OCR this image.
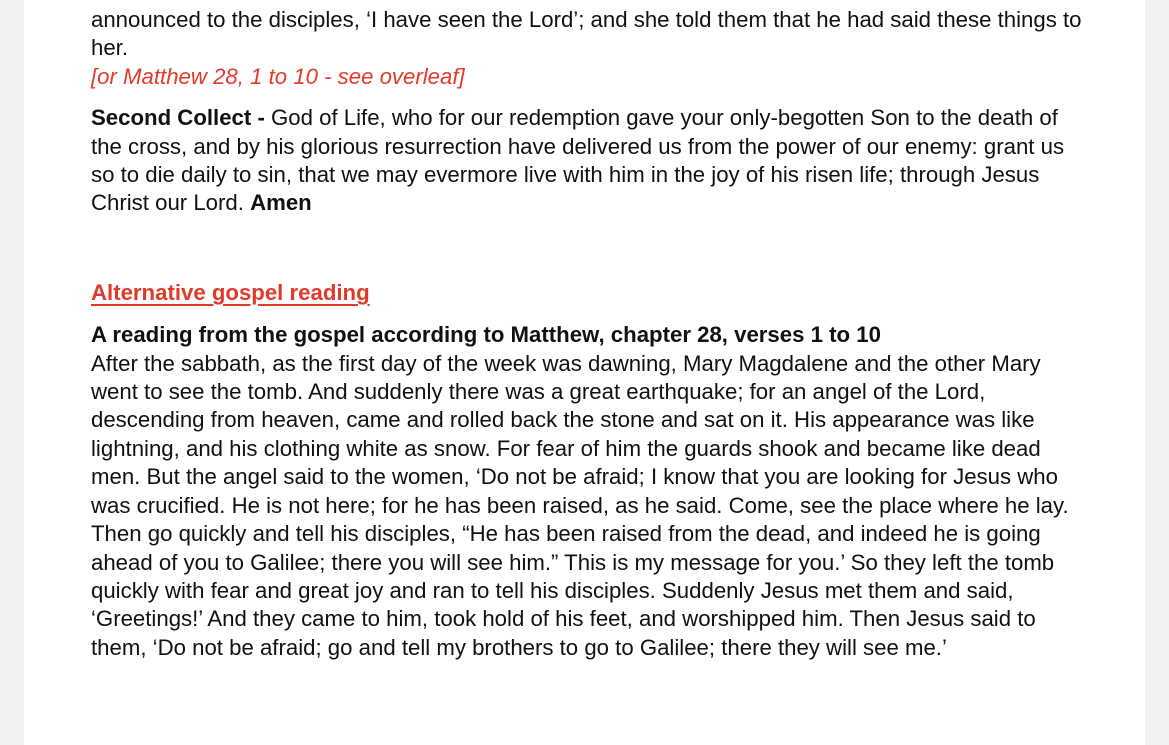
announced to the disciples, ‘I have seen the Lord’; and she told them that he had said these things to her.

[or Matthew 28, 1 to 10 - see overleaf]

Second Collect - God of Life, who for our redemption gave your only-begotten Son to the death of the cross, and by his glorious resurrection have delivered us from the power of our enemy: grant us so to die daily to sin, that we may evermore live with him in the joy of his risen life; through Jesus Christ our Lord. Amen

Alternative gospel reading

A reading from the gospel according to Matthew, chapter 28, verses 1 to 10

After the sabbath, as the first day of the week was dawning, Mary Magdalene and the other Mary went to see the tomb. And suddenly there was a great earthquake; for an angel of the Lord, descending from heaven, came and rolled back the stone and sat on it. His appearance was like lightning, and his clothing white as snow. For fear of him the guards shook and became like dead men. But the angel said to the women, ‘Do not be afraid; I know that you are looking for Jesus who was crucified. He is not here; for he has been raised, as he said. Come, see the place where he lay. Then go quickly and tell his disciples, “He has been raised from the dead, and indeed he is going ahead of you to Galilee; there you will see him.” This is my message for you.’ So they left the tomb quickly with fear and great joy and ran to tell his disciples. Suddenly Jesus met them and said, ‘Greetings!’ And they came to him, took hold of his feet, and worshipped him. Then Jesus said to them, ‘Do not be afraid; go and tell my brothers to go to Galilee; there they will see me.’
